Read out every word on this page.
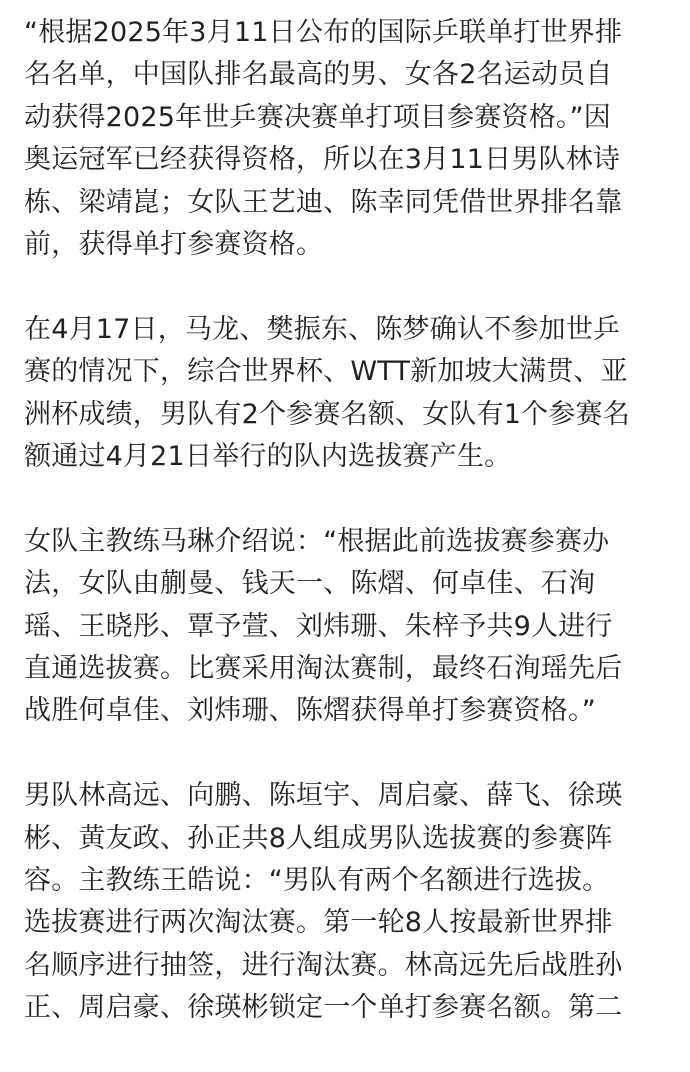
“根据2025年3月11日公布的国际乒联单打世界排
名名单，中国队排名最高的男、女各2名运动员自
动获得2025年世乒赛决赛单打项目参赛资格。”因
奥运冠军已经获得资格，所以在3月11日男队林诗
栋、梁靖崑；女队王艺迪、陈幸同凭借世界排名靠
前，获得单打参赛资格。

在4月17日，马龙、樊振东、陈梦确认不参加世乒
赛的情况下，综合世界杯、WTT新加坡大满贯、亚
洲杯成绩，男队有2个参赛名额、女队有1个参赛名
额通过4月21日举行的队内选拔赛产生。

女队主教练马琳介绍说：“根据此前选拔赛参赛办
法，女队由蒯曼、钱天一、陈熠、何卓佳、石洵
瑶、王晓彤、覃予萱、刘炜珊、朱梓予共9人进行
直通选拔赛。比赛采用淘汰赛制，最终石洵瑶先后
战胜何卓佳、刘炜珊、陈熠获得单打参赛资格。”

男队林高远、向鹏、陈垣宇、周启豪、薛飞、徐瑛
彬、黄友政、孙正共8人组成男队选拔赛的参赛阵
容。主教练王皓说：“男队有两个名额进行选拔。
选拔赛进行两次淘汰赛。第一轮8人按最新世界排
名顺序进行抽签，进行淘汰赛。林高远先后战胜孙
正、周启豪、徐瑛彬锁定一个单打参赛名额。第二
